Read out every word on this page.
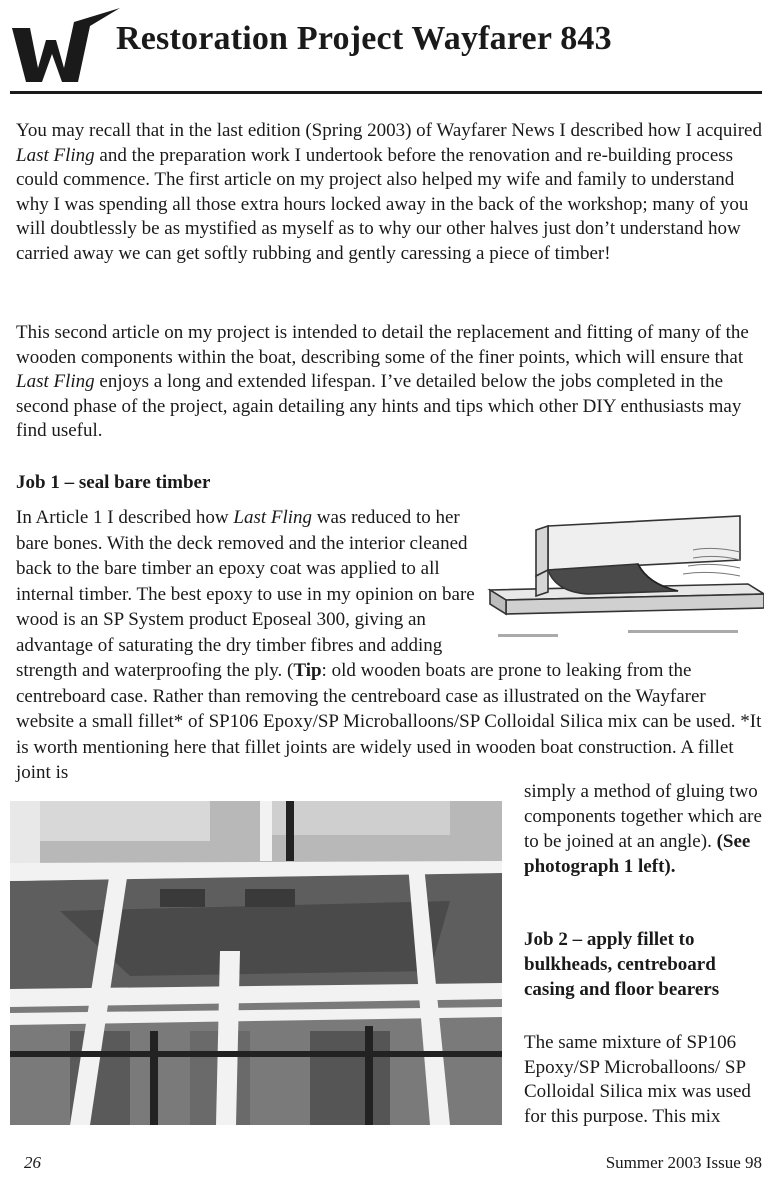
Restoration Project Wayfarer 843

You may recall that in the last edition (Spring 2003) of Wayfarer News I described how I acquired Last Fling and the preparation work I undertook before the renovation and re-building process could commence. The first article on my project also helped my wife and family to understand why I was spending all those extra hours locked away in the back of the workshop; many of you will doubtlessly be as mystified as myself as to why our other halves just don’t understand how carried away we can get softly rubbing and gently caressing a piece of timber!

This second article on my project is intended to detail the replacement and fitting of many of the wooden components within the boat, describing some of the finer points, which will ensure that Last Fling enjoys a long and extended lifespan. I’ve detailed below the jobs completed in the second phase of the project, again detailing any hints and tips which other DIY enthusiasts may find useful.

Job 1 – seal bare timber

In Article 1 I described how Last Fling was reduced to her bare bones. With the deck removed and the interior cleaned back to the bare timber an epoxy coat was applied to all internal timber. The best epoxy to use in my opinion on bare wood is an SP System product Eposeal 300, giving an advantage of saturating the dry timber fibres and adding strength and waterproofing the ply. (Tip: old wooden boats are prone to leaking from the centreboard case. Rather than removing the centreboard case as illustrated on the Wayfarer website a small fillet* of SP106 Epoxy/SP Microballoons/SP Colloidal Silica mix can be used. *It is worth mentioning here that fillet joints are widely used in wooden boat construction. A fillet joint is

simply a method of gluing two components together which are to be joined at an angle). (See photograph 1 left).

Job 2 – apply fillet to bulkheads, centreboard casing and floor bearers

The same mixture of SP106 Epoxy/SP Microballoons/ SP Colloidal Silica mix was used for this purpose. This mix

26	Summer 2003 Issue 98
